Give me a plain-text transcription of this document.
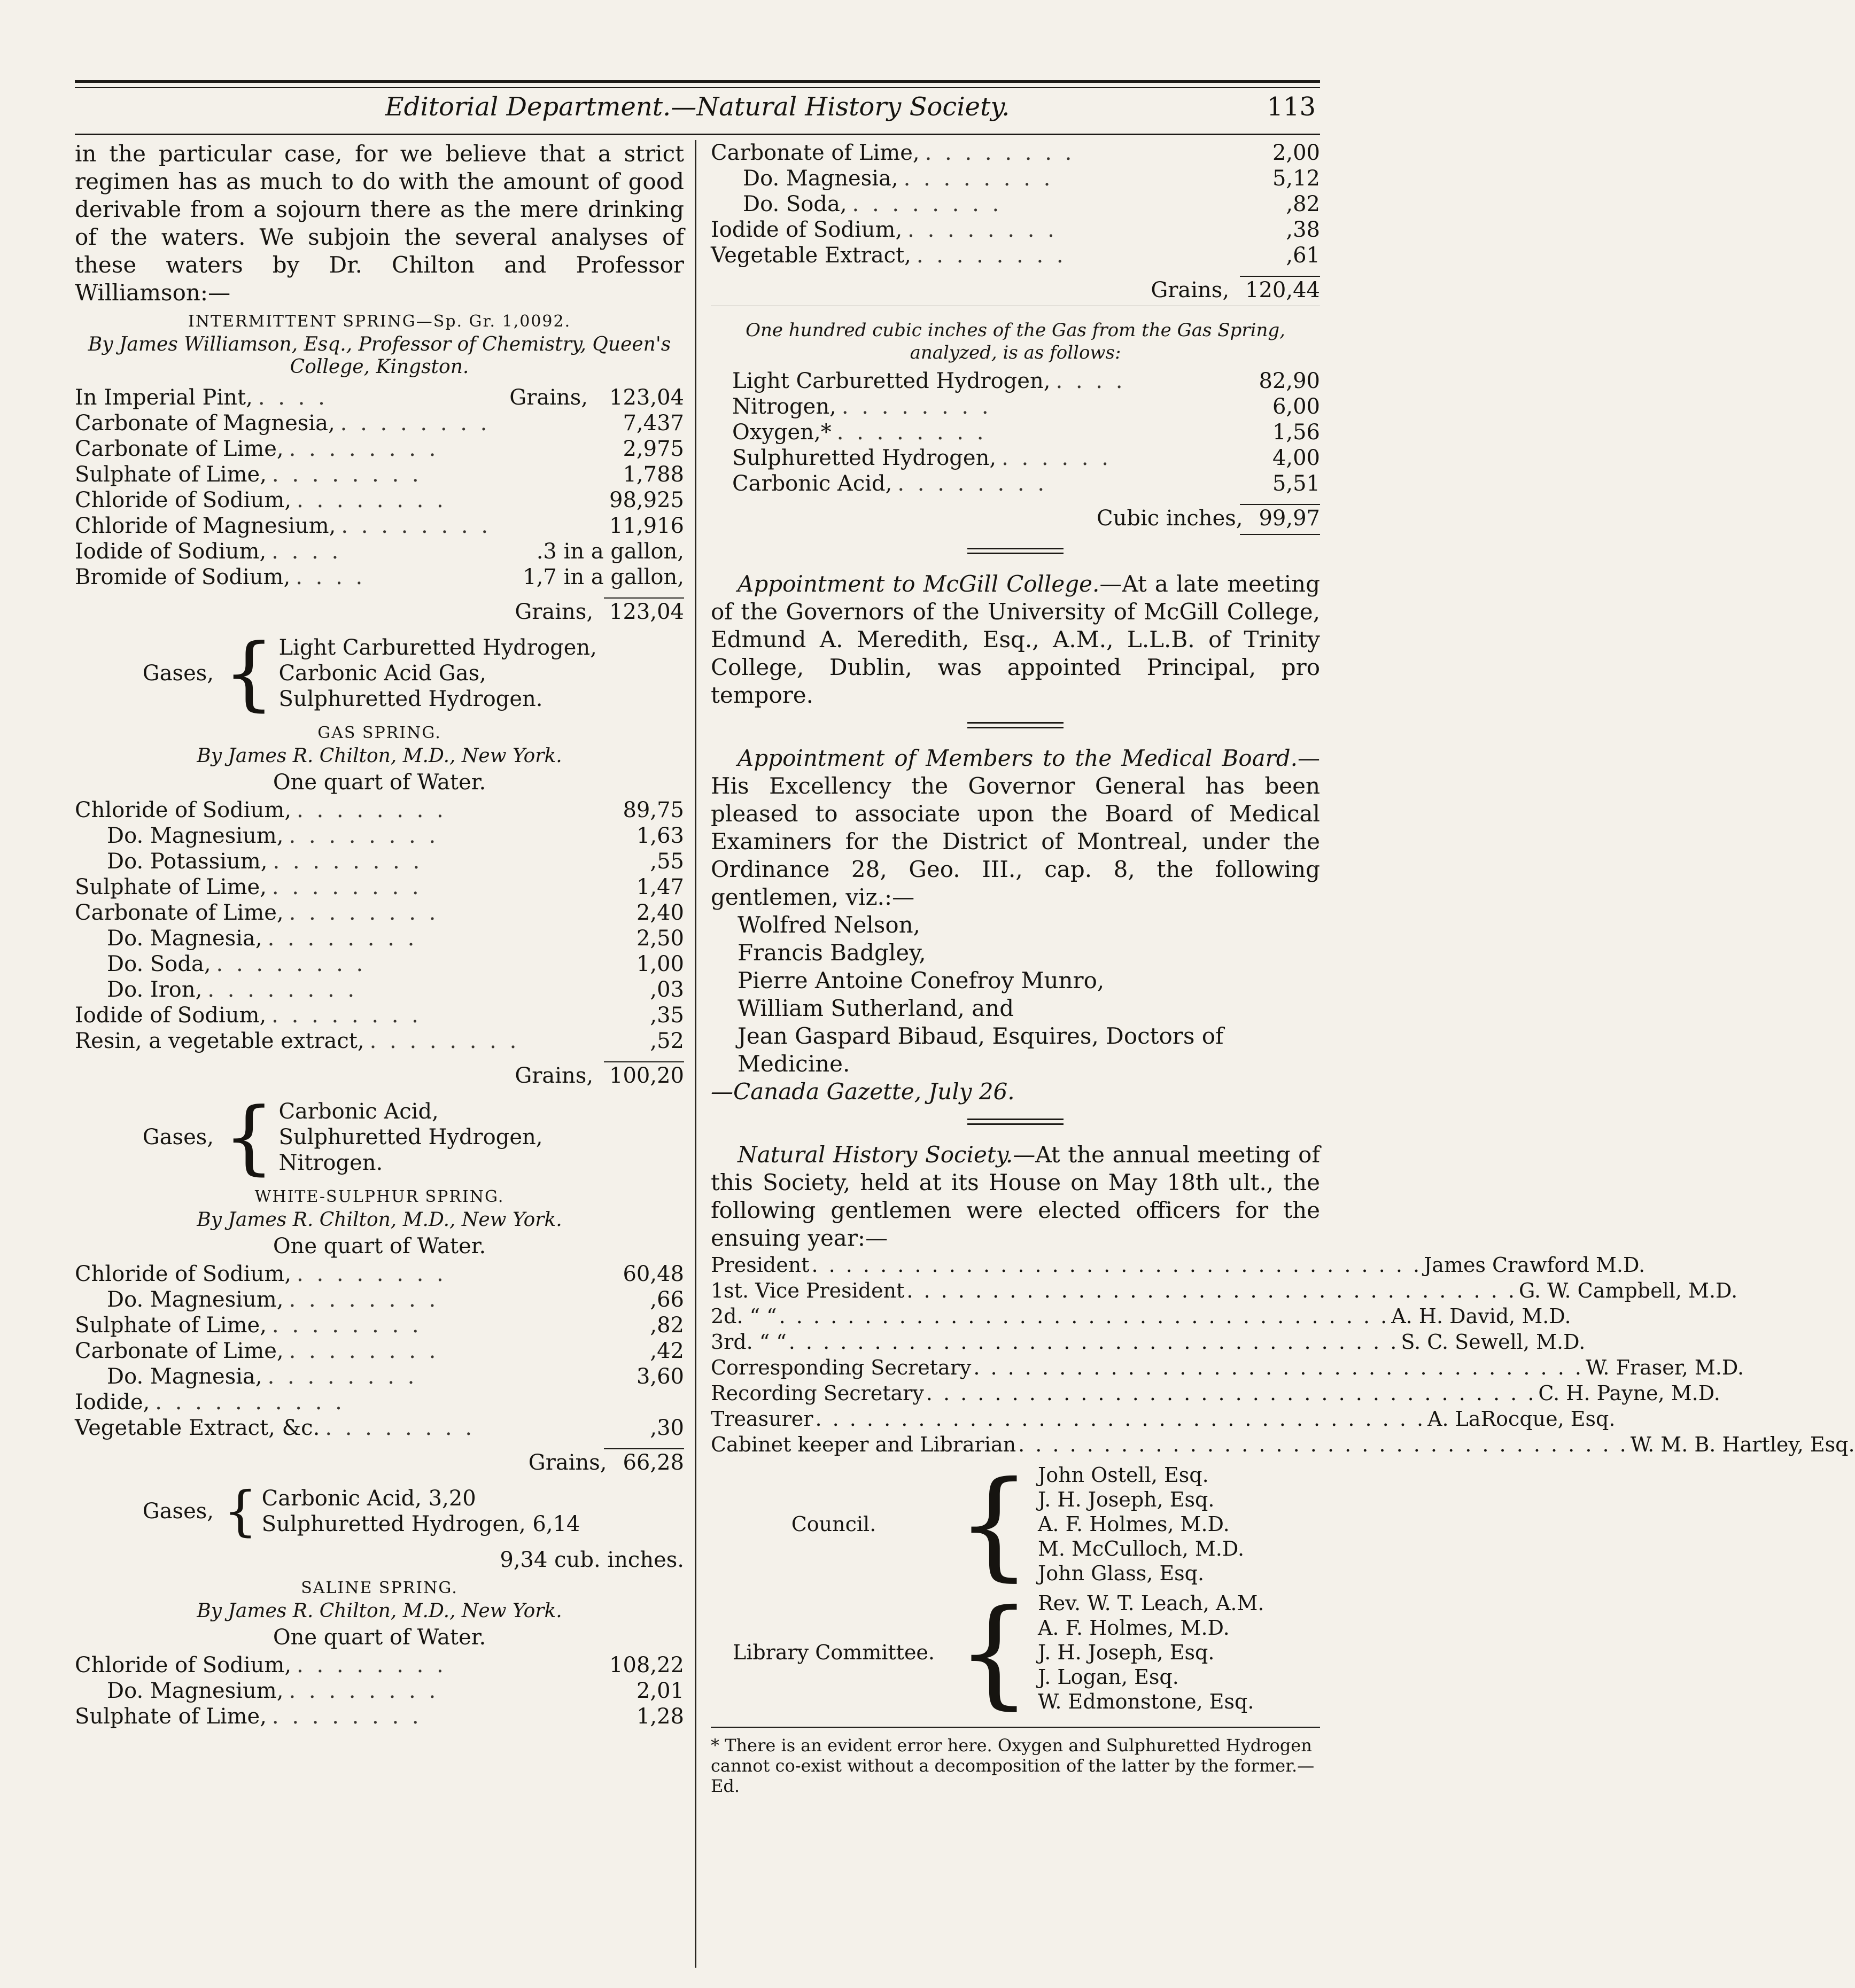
Editorial Department.—Natural History Society.	113

in the particular case, for we believe that a strict regimen has as much to do with the amount of good derivable from a sojourn there as the mere drinking of the waters. We subjoin the several analyses of these waters by Dr. Chilton and Professor Williamson:—

INTERMITTENT SPRING—Sp. Gr. 1,0092.

By James Williamson, Esq., Professor of Chemistry, Queen's College, Kingston.

In Imperial Pint, . . . .	Grains, 123,04
Carbonate of Magnesia, . . . . . . . .	7,437
Carbonate of Lime, . . . . . . . .	2,975
Sulphate of Lime, . . . . . . . .	1,788
Chloride of Sodium, . . . . . . . .	98,925
Chloride of Magnesium, . . . . . . . .	11,916
Iodide of Sodium, . . . .	.3 in a gallon,
Bromide of Sodium, . . . .	1,7 in a gallon,
Grains, 123,04
Gases, { Light Carburetted Hydrogen,
Carbonic Acid Gas,
Sulphuretted Hydrogen.
GAS SPRING.

By James R. Chilton, M.D., New York.

One quart of Water.

Chloride of Sodium, . . . . . . . .	89,75
Do. Magnesium, . . . . . . . .	1,63
Do. Potassium, . . . . . . . .	,55
Sulphate of Lime, . . . . . . . .	1,47
Carbonate of Lime, . . . . . . . .	2,40
Do. Magnesia, . . . . . . . .	2,50
Do. Soda, . . . . . . . .	1,00
Do. Iron, . . . . . . . .	,03
Iodide of Sodium, . . . . . . . .	,35
Resin, a vegetable extract, . . . . . . . .	,52
Grains, 100,20
Gases, { Carbonic Acid,
Sulphuretted Hydrogen,
Nitrogen.
WHITE-SULPHUR SPRING.

By James R. Chilton, M.D., New York.

One quart of Water.

Chloride of Sodium, . . . . . . . .	60,48
Do. Magnesium, . . . . . . . .	,66
Sulphate of Lime, . . . . . . . .	,82
Carbonate of Lime, . . . . . . . .	,42
Do. Magnesia, . . . . . . . .	3,60
Iodide, . . . . . . . . . .
Vegetable Extract, &c. . . . . . . . .	,30
Grains, 66,28
Gases, { Carbonic Acid, 3,20
Sulphuretted Hydrogen, 6,14
9,34 cub. inches.
SALINE SPRING.

By James R. Chilton, M.D., New York.

One quart of Water.

Chloride of Sodium, . . . . . . . .	108,22
Do. Magnesium, . . . . . . . .	2,01
Sulphate of Lime, . . . . . . . .	1,28
Carbonate of Lime, . . . . . . . .	2,00
Do. Magnesia, . . . . . . . .	5,12
Do. Soda, . . . . . . . .	,82
Iodide of Sodium, . . . . . . . .	,38
Vegetable Extract, . . . . . . . .	,61
Grains, 120,44

One hundred cubic inches of the Gas from the Gas Spring, analyzed, is as follows:

Light Carburetted Hydrogen, . . . .	82,90
Nitrogen, . . . . . . . .	6,00
Oxygen,* . . . . . . . .	1,56
Sulphuretted Hydrogen, . . . . . .	4,00
Carbonic Acid, . . . . . . . .	5,51
Cubic inches, 99,97

Appointment to McGill College.—At a late meeting of the Governors of the University of McGill College, Edmund A. Meredith, Esq., A.M., L.L.B. of Trinity College, Dublin, was appointed Principal, pro tempore.

Appointment of Members to the Medical Board.—His Excellency the Governor General has been pleased to associate upon the Board of Medical Examiners for the District of Montreal, under the Ordinance 28, Geo. III., cap. 8, the following gentlemen, viz.:—

Wolfred Nelson,
Francis Badgley,
Pierre Antoine Conefroy Munro,
William Sutherland, and
Jean Gaspard Bibaud, Esquires, Doctors of Medicine.

—Canada Gazette, July 26.

Natural History Society.—At the annual meeting of this Society, held at its House on May 18th ult., the following gentlemen were elected officers for the ensuing year:—

President . . . . . . . . . . . . . . . . . . . . . . . . . . . . . . . . . . . . James Crawford M.D.
1st. Vice President . . . . . . . . . . . . . . . . . . . . . . . . . . . . . . . . . . . . G. W. Campbell, M.D.
2d. “ “ . . . . . . . . . . . . . . . . . . . . . . . . . . . . . . . . . . . . A. H. David, M.D.
3rd. “ “ . . . . . . . . . . . . . . . . . . . . . . . . . . . . . . . . . . . . S. C. Sewell, M.D.
Corresponding Secretary . . . . . . . . . . . . . . . . . . . . . . . . . . . . . . . . . . . . W. Fraser, M.D.
Recording Secretary . . . . . . . . . . . . . . . . . . . . . . . . . . . . . . . . . . . . C. H. Payne, M.D.
Treasurer . . . . . . . . . . . . . . . . . . . . . . . . . . . . . . . . . . . . A. LaRocque, Esq.
Cabinet keeper and Librarian . . . . . . . . . . . . . . . . . . . . . . . . . . . . . . . . . . . . W. M. B. Hartley, Esq.
Council. { John Ostell, Esq.
J. H. Joseph, Esq.
A. F. Holmes, M.D.
M. McCulloch, M.D.
John Glass, Esq.
Library Committee. { Rev. W. T. Leach, A.M.
A. F. Holmes, M.D.
J. H. Joseph, Esq.
J. Logan, Esq.
W. Edmonstone, Esq.
* There is an evident error here. Oxygen and Sulphuretted Hydrogen cannot co-exist without a decomposition of the latter by the former.—Ed.
